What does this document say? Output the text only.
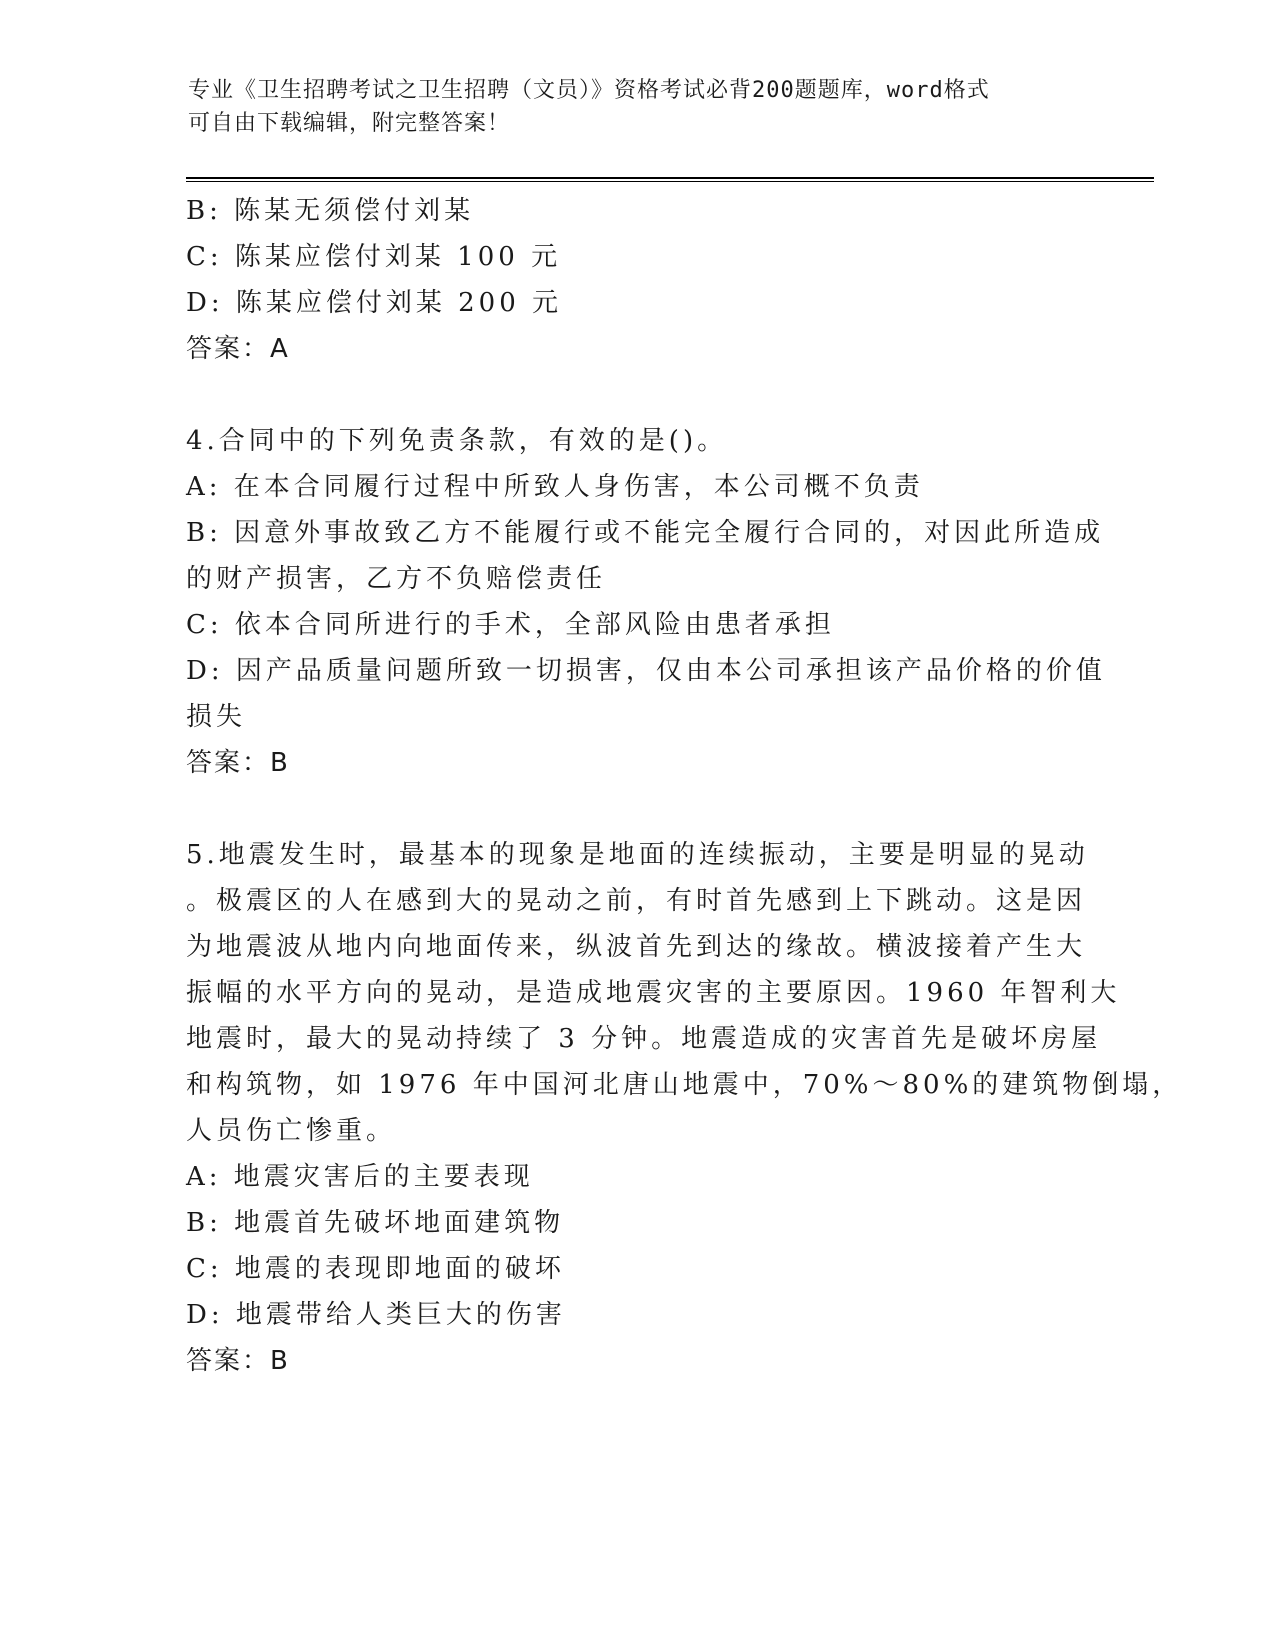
专业《卫生招聘考试之卫生招聘（文员）》资格考试必背200题题库，word格式
可自由下载编辑，附完整答案！

B: 陈某无须偿付刘某

C: 陈某应偿付刘某 100 元

D: 陈某应偿付刘某 200 元

答案：A

4.合同中的下列免责条款，有效的是()。

A: 在本合同履行过程中所致人身伤害，本公司概不负责

B: 因意外事故致乙方不能履行或不能完全履行合同的，对因此所造成

的财产损害，乙方不负赔偿责任

C: 依本合同所进行的手术，全部风险由患者承担

D: 因产品质量问题所致一切损害，仅由本公司承担该产品价格的价值

损失

答案：B

5.地震发生时，最基本的现象是地面的连续振动，主要是明显的晃动

。极震区的人在感到大的晃动之前，有时首先感到上下跳动。这是因

为地震波从地内向地面传来，纵波首先到达的缘故。横波接着产生大

振幅的水平方向的晃动，是造成地震灾害的主要原因。1960 年智利大

地震时，最大的晃动持续了 3 分钟。地震造成的灾害首先是破坏房屋

和构筑物，如 1976 年中国河北唐山地震中，70%～80%的建筑物倒塌，

人员伤亡惨重。

A: 地震灾害后的主要表现

B: 地震首先破坏地面建筑物

C: 地震的表现即地面的破坏

D: 地震带给人类巨大的伤害

答案：B
